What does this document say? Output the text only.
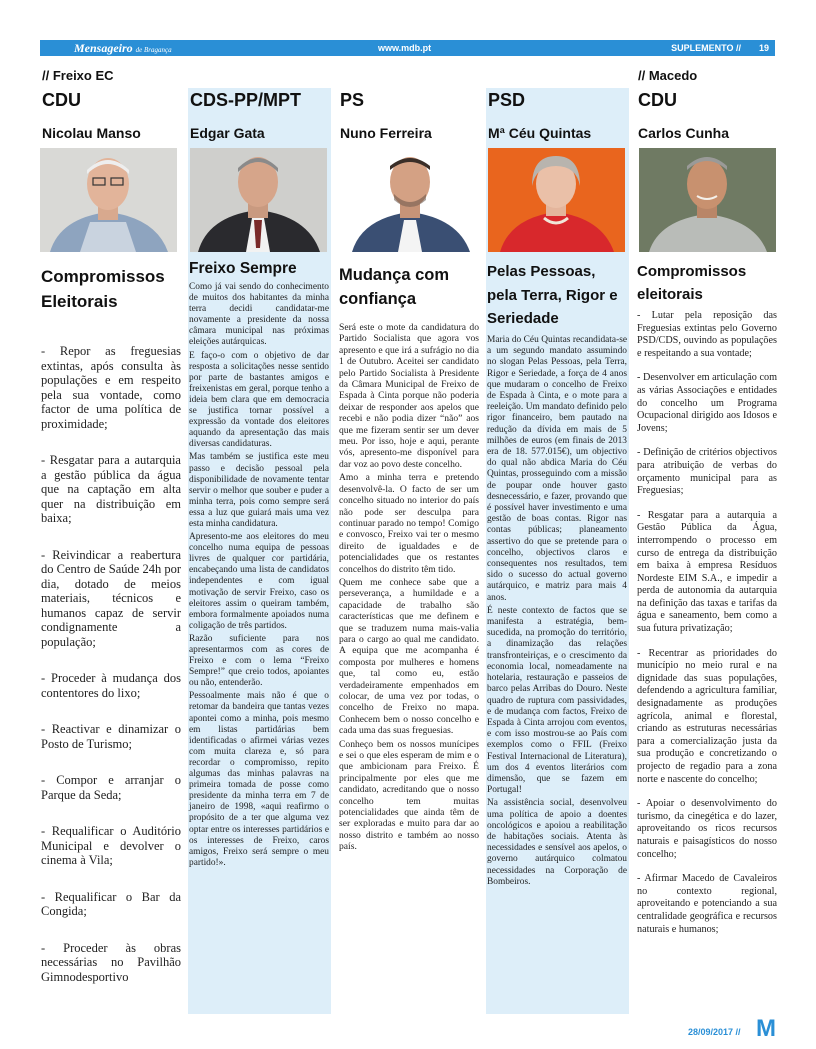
Mensageiro de Bragança	www.mdb.pt	SUPLEMENTO // 19
// Freixo EC	// Macedo
CDU
Nicolau Manso
Compromissos Eleitorais

- Repor as freguesias extintas, após consulta às populações e em respeito pela sua vontade, como factor de uma política de proximidade;

- Resgatar para a autarquia a gestão pública da água que na captação em alta quer na distribuição em baixa;

- Reivindicar a reabertura do Centro de Saúde 24h por dia, dotado de meios materiais, técnicos e humanos capaz de servir condignamente a população;

- Proceder à mudança dos contentores do lixo;

- Reactivar e dinamizar o Posto de Turismo;

- Compor e arranjar o Parque da Seda;

- Requalificar o Auditório Municipal e devolver o cinema à Vila;

- Requalificar o Bar da Congida;

- Proceder às obras necessárias no Pavilhão Gimnodesportivo

CDS-PP/MPT
Edgar Gata
Freixo Sempre

Como já vai sendo do conhecimento de muitos dos habitantes da minha terra decidi candidatar-me novamente a presidente da nossa câmara municipal nas próximas eleições autárquicas.

E faço-o com o objetivo de dar resposta a solicitações nesse sentido por parte de bastantes amigos e freixenistas em geral, porque tenho a ideia bem clara que em democracia se justifica tornar possível a expressão da vontade dos eleitores aquando da apresentação das mais diversas candidaturas.

Mas também se justifica este meu passo e decisão pessoal pela disponibilidade de novamente tentar servir o melhor que souber e puder a minha terra, pois como sempre será essa a luz que guiará mais uma vez esta minha candidatura.

Apresento-me aos eleitores do meu concelho numa equipa de pessoas livres de qualquer cor partidária, encabeçando uma lista de candidatos independentes e com igual motivação de servir Freixo, caso os eleitores assim o queiram também, embora formalmente apoiados numa coligação de três partidos.

Razão suficiente para nos apresentarmos com as cores de Freixo e com o lema “Freixo Sempre!” que creio todos, apoiantes ou não, entenderão.

Pessoalmente mais não é que o retomar da bandeira que tantas vezes apontei como a minha, pois mesmo em listas partidárias bem identificadas o afirmei várias vezes com muita clareza e, só para recordar o compromisso, repito algumas das minhas palavras na primeira tomada de posse como presidente da minha terra em 7 de janeiro de 1998, «aqui reafirmo o propósito de a ter que alguma vez optar entre os interesses partidários e os interesses de Freixo, caros amigos, Freixo será sempre o meu partido!».

PS
Nuno Ferreira
Mudança com confiança

Será este o mote da candidatura do Partido Socialista que agora vos apresento e que irá a sufrágio no dia 1 de Outubro. Aceitei ser candidato pelo Partido Socialista à Presidente da Câmara Municipal de Freixo de Espada à Cinta porque não poderia deixar de responder aos apelos que recebi e não podia dizer “não” aos que me fizeram sentir ser um dever meu. Por isso, hoje e aqui, perante vós, apresento-me disponível para dar voz ao povo deste concelho.

Amo a minha terra e pretendo desenvolvê-la. O facto de ser um concelho situado no interior do país não pode ser desculpa para continuar parado no tempo! Comigo e convosco, Freixo vai ter o mesmo direito de igualdades e de potencialidades que os restantes concelhos do distrito têm tido.

Quem me conhece sabe que a perseverança, a humildade e a capacidade de trabalho são características que me definem e que se traduzem numa mais-valia para o cargo ao qual me candidato. A equipa que me acompanha é composta por mulheres e homens que, tal como eu, estão verdadeiramente empenhados em colocar, de uma vez por todas, o concelho de Freixo no mapa. Conhecem bem o nosso concelho e cada uma das suas freguesias.

Conheço bem os nossos munícipes e sei o que eles esperam de mim e o que ambicionam para Freixo. É principalmente por eles que me candidato, acreditando que o nosso concelho tem muitas potencialidades que ainda têm de ser exploradas e muito para dar ao nosso distrito e também ao nosso país.

PSD
Mª Céu Quintas
Pelas Pessoas, pela Terra, Rigor e Seriedade

Maria do Céu Quintas recandidata-se a um segundo mandato assumindo no slogan Pelas Pessoas, pela Terra, Rigor e Seriedade, a força de 4 anos que mudaram o concelho de Freixo de Espada à Cinta, e o mote para a reeleição. Um mandato definido pelo rigor financeiro, bem pautado na redução da dívida em mais de 5 milhões de euros (em finais de 2013 era de 18. 577.015€), um objectivo do qual não abdica Maria do Céu Quintas, prosseguindo com a missão de poupar onde houver gasto desnecessário, e fazer, provando que é possível haver investimento e uma gestão de boas contas. Rigor nas contas públicas; planeamento assertivo do que se pretende para o concelho, objectivos claros e consequentes nos resultados, tem sido o sucesso do actual governo autárquico, e matriz para mais 4 anos.

É neste contexto de factos que se manifesta a estratégia, bem-sucedida, na promoção do território, a dinamização das relações transfronteiriças, e o crescimento da economia local, nomeadamente na hotelaria, restauração e passeios de barco pelas Arribas do Douro. Neste quadro de ruptura com passividades, e de mudança com factos, Freixo de Espada à Cinta arrojou com eventos, e com isso mostrou-se ao País com exemplos como o FFIL (Freixo Festival Internacional de Literatura), um dos 4 eventos literários com dimensão, que se fazem em Portugal!

Na assistência social, desenvolveu uma política de apoio a doentes oncológicos e apoiou a reabilitação de habitações sociais. Atenta às necessidades e sensível aos apelos, o governo autárquico colmatou necessidades na Corporação de Bombeiros.

CDU
Carlos Cunha
Compromissos eleitorais

- Lutar pela reposição das Freguesias extintas pelo Governo PSD/CDS, ouvindo as populações e respeitando a sua vontade;

- Desenvolver em articulação com as várias Associações e entidades do concelho um Programa Ocupacional dirigido aos Idosos e Jovens;

- Definição de critérios objectivos para atribuição de verbas do orçamento municipal para as Freguesias;

- Resgatar para a autarquia a Gestão Pública da Água, interrompendo o processo em curso de entrega da distribuição em baixa à empresa Resíduos Nordeste EIM S.A., e impedir a perda de autonomia da autarquia na definição das taxas e tarifas da água e saneamento, bem como a sua futura privatização;

- Recentrar as prioridades do município no meio rural e na dignidade das suas populações, defendendo a agricultura familiar, designadamente as produções agrícola, animal e florestal, criando as estruturas necessárias para a comercialização justa da sua produção e concretizando o projecto de regadio para a zona norte e nascente do concelho;

- Apoiar o desenvolvimento do turismo, da cinegética e do lazer, aproveitando os ricos recursos naturais e paisagísticos do nosso concelho;

- Afirmar Macedo de Cavaleiros no contexto regional, aproveitando e potenciando a sua centralidade geográfica e recursos naturais e humanos;

28/09/2017 // M
